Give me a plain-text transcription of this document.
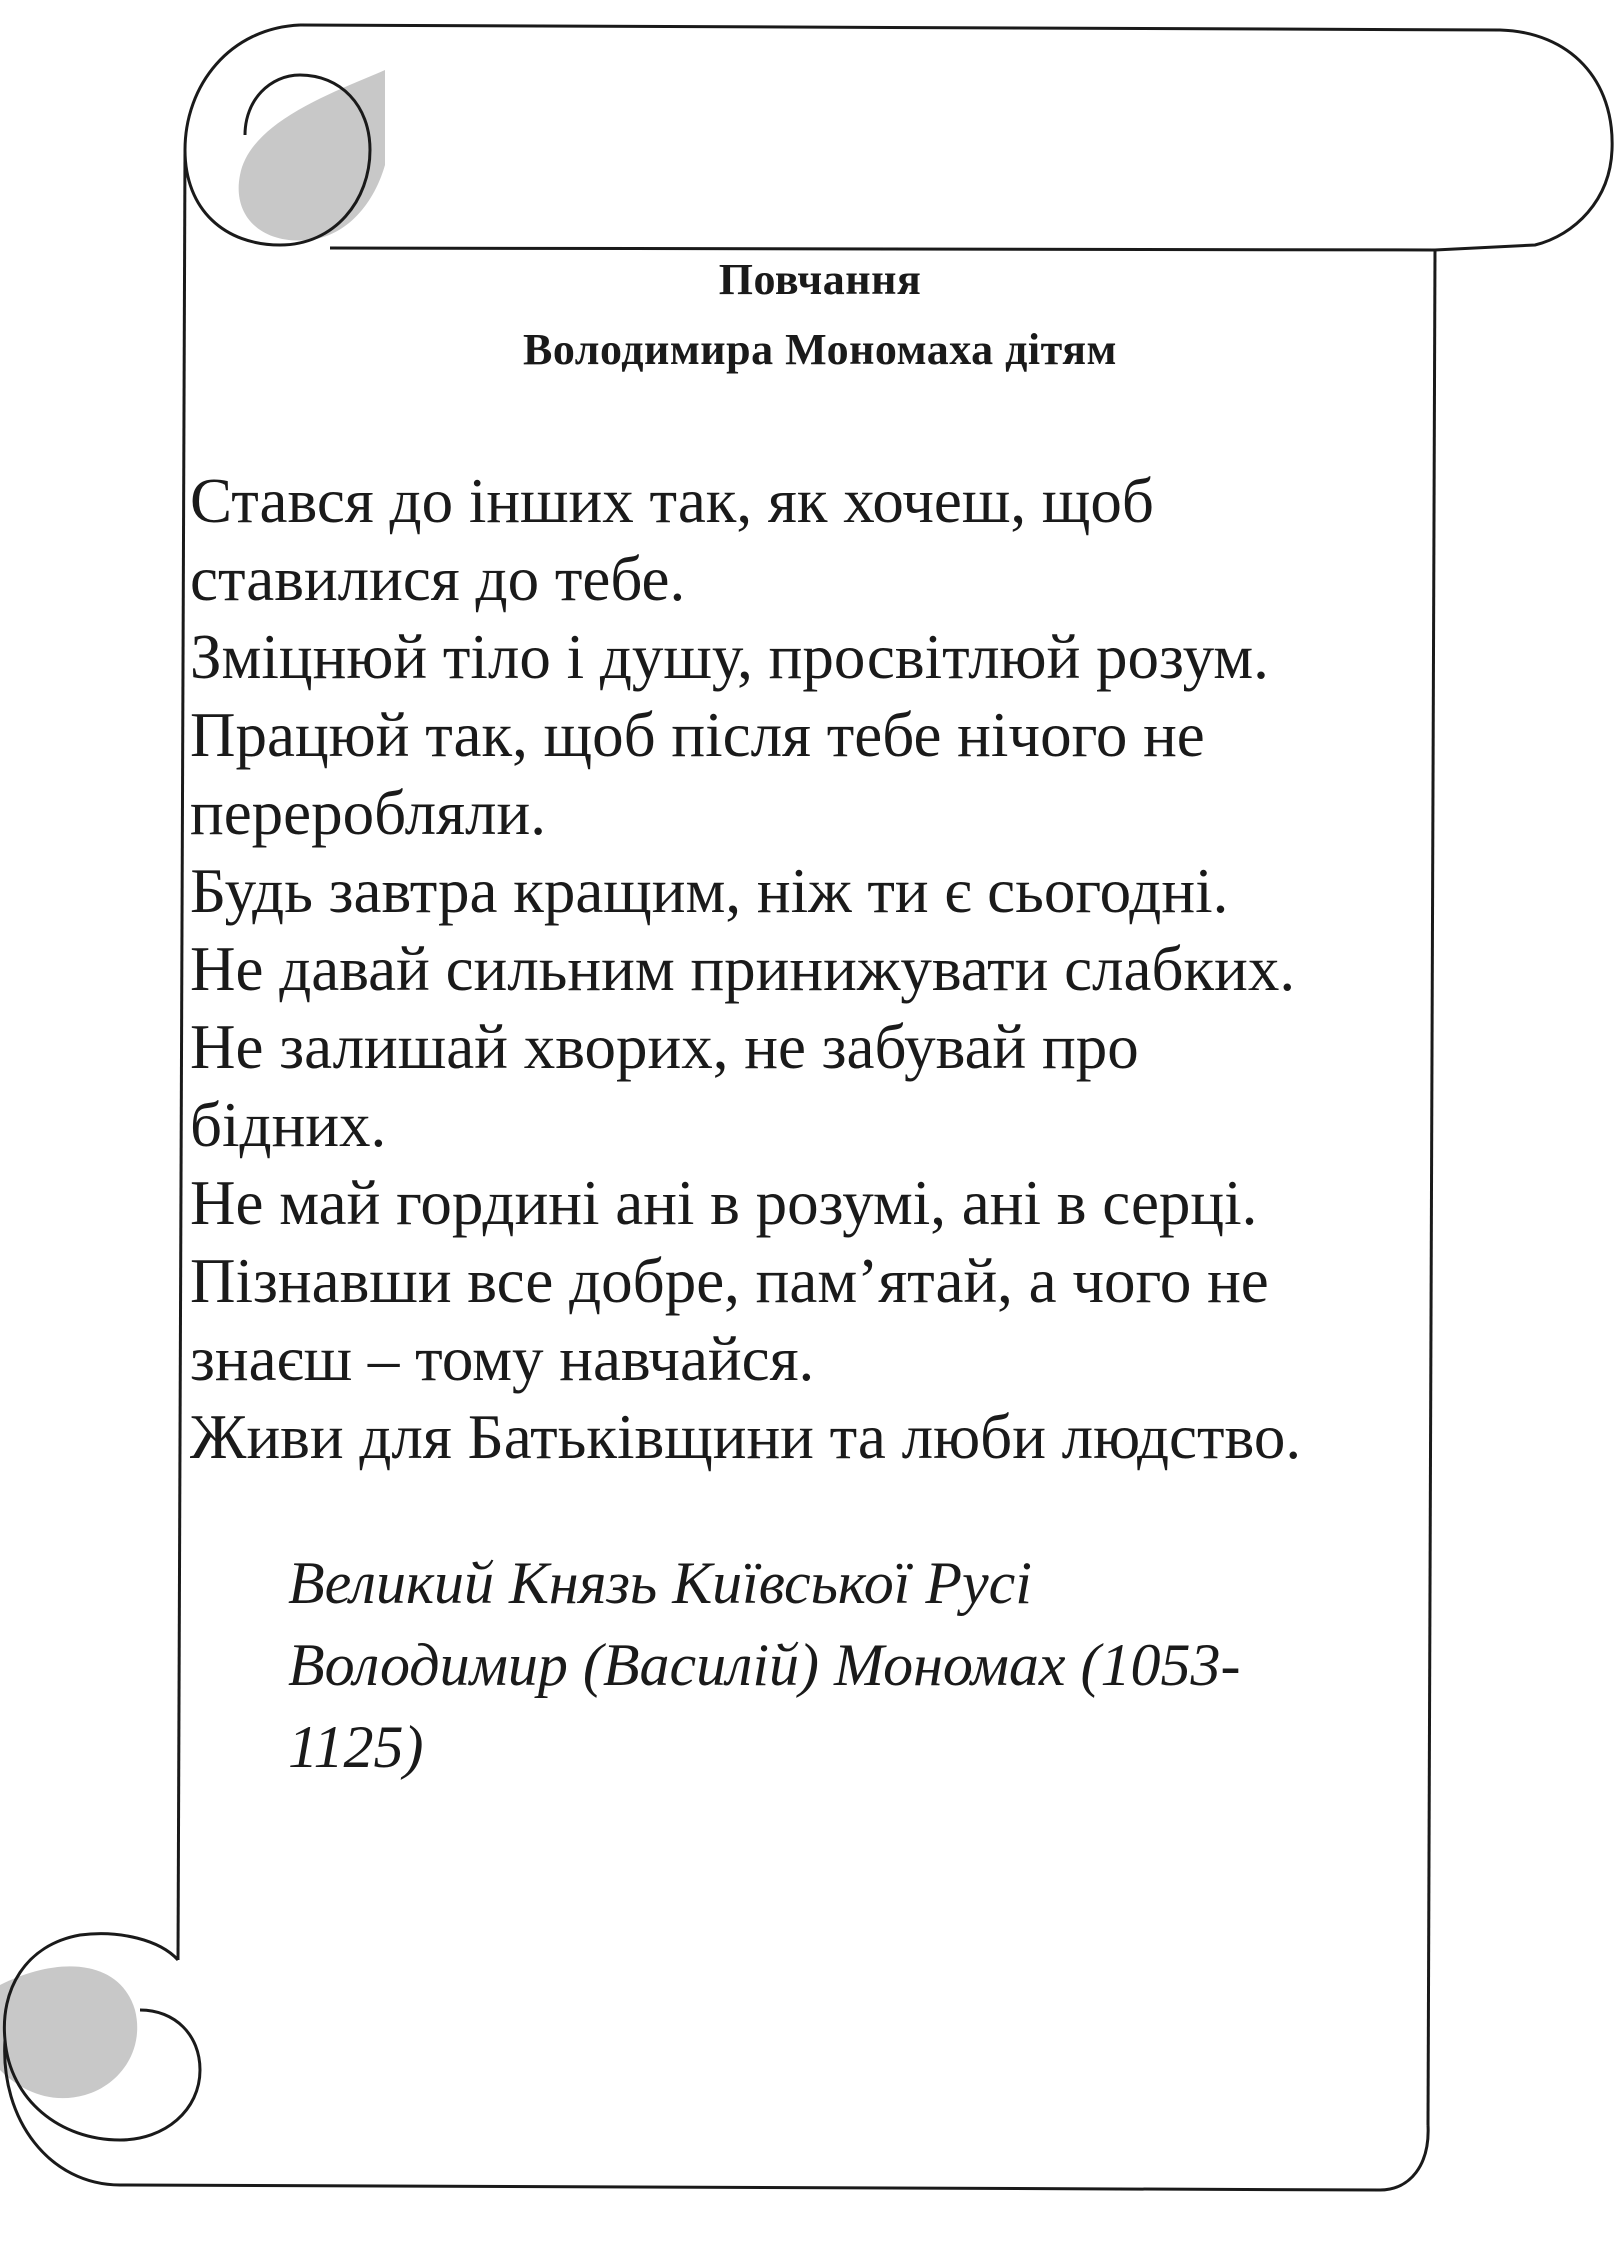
Повчання
Володимира Мономаха дітям
Стався до інших так, як хочеш, щоб
ставилися до тебе.
Зміцнюй тіло і душу, просвітлюй розум.
Працюй так, щоб після тебе нічого не
переробляли.
Будь завтра кращим, ніж ти є сьогодні.
Не давай сильним принижувати слабких.
Не залишай хворих, не забувай про
бідних.
Не май гордині ані в розумі, ані в серці.
Пізнавши все добре, пам’ятай, а чого не
знаєш – тому навчайся.
Живи для Батьківщини та люби людство.
Великий Князь Київської Русі
Володимир (Василій) Мономах (1053-
1125)
